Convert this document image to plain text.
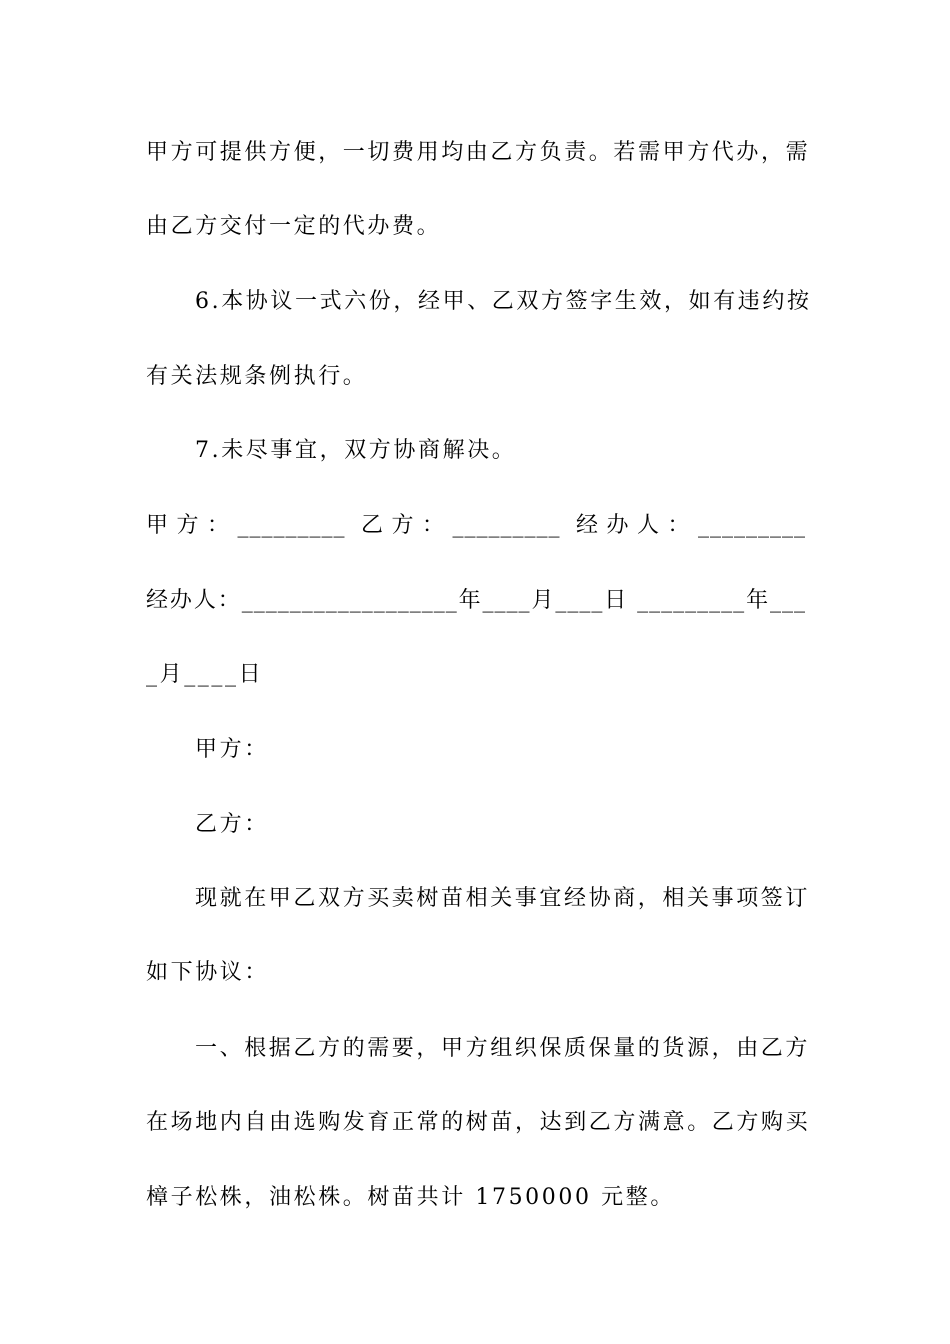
甲方可提供方便，一切费用均由乙方负责。若需甲方代办，需
由乙方交付一定的代办费。
6.本协议一式六份，经甲、乙双方签字生效，如有违约按
有关法规条例执行。
7.未尽事宜，双方协商解决。
甲方：_________ 乙方：_________ 经办人：_________
经办人：__________________年____月____日 _________年___
_月____日
甲方：
乙方：
现就在甲乙双方买卖树苗相关事宜经协商，相关事项签订
如下协议：
一、根据乙方的需要，甲方组织保质保量的货源，由乙方
在场地内自由选购发育正常的树苗，达到乙方满意。乙方购买
樟子松株，油松株。树苗共计 1750000 元整。
